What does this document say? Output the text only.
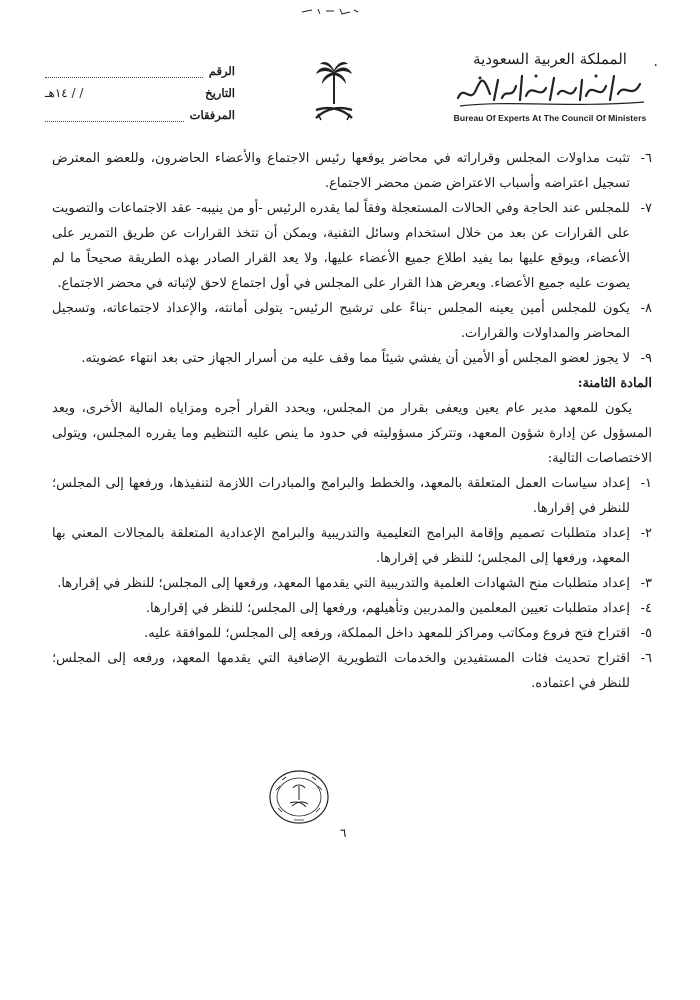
المملكة العربية السعودية	·
Bureau Of Experts At The Council Of Ministers
الرقم
التاريخ
/ / ١٤هـ
المرفقات
٦-
تثبت مداولات المجلس وقراراته في محاضر يوقعها رئيس الاجتماع والأعضاء الحاضرون، وللعضو المعترض تسجيل اعتراضه وأسباب الاعتراض ضمن محضر الاجتماع.
٧-
للمجلس عند الحاجة وفي الحالات المستعجلة وفقاً لما يقدره الرئيس -أو من ينيبه- عقد الاجتماعات والتصويت على القرارات عن بعد من خلال استخدام وسائل التقنية، ويمكن أن تتخذ القرارات عن طريق التمرير على الأعضاء، ويوقع عليها بما يفيد اطلاع جميع الأعضاء عليها، ولا يعد القرار الصادر بهذه الطريقة صحيحاً ما لم يصوت عليه جميع الأعضاء. ويعرض هذا القرار على المجلس في أول اجتماع لاحق لإثباته في محضر الاجتماع.
٨-
يكون للمجلس أمين يعينه المجلس -بناءً على ترشيح الرئيس- يتولى أمانته، والإعداد لاجتماعاته، وتسجيل المحاضر والمداولات والقرارات.
٩-
لا يجوز لعضو المجلس أو الأمين أن يفشي شيئاً مما وقف عليه من أسرار الجهاز حتى بعد انتهاء عضويته.
المادة الثامنة:
يكون للمعهد مدير عام يعين ويعفى بقرار من المجلس، ويحدد القرار أجره ومزاياه المالية الأخرى، ويعد المسؤول عن إدارة شؤون المعهد، وتتركز مسؤوليته في حدود ما ينص عليه التنظيم وما يقرره المجلس، ويتولى الاختصاصات التالية:
١-
إعداد سياسات العمل المتعلقة بالمعهد، والخطط والبرامج والمبادرات اللازمة لتنفيذها، ورفعها إلى المجلس؛ للنظر في إقرارها.
٢-
إعداد متطلبات تصميم وإقامة البرامج التعليمية والتدريبية والبرامج الإعدادية المتعلقة بالمجالات المعني بها المعهد، ورفعها إلى المجلس؛ للنظر في إقرارها.
٣-
إعداد متطلبات منح الشهادات العلمية والتدريبية التي يقدمها المعهد، ورفعها إلى المجلس؛ للنظر في إقرارها.
٤-
إعداد متطلبات تعيين المعلمين والمدربين وتأهيلهم، ورفعها إلى المجلس؛ للنظر في إقرارها.
٥-
اقتراح فتح فروع ومكاتب ومراكز للمعهد داخل المملكة، ورفعه إلى المجلس؛ للموافقة عليه.
٦-
اقتراح تحديث فئات المستفيدين والخدمات التطويرية الإضافية التي يقدمها المعهد، ورفعه إلى المجلس؛ للنظر في اعتماده.
٦
